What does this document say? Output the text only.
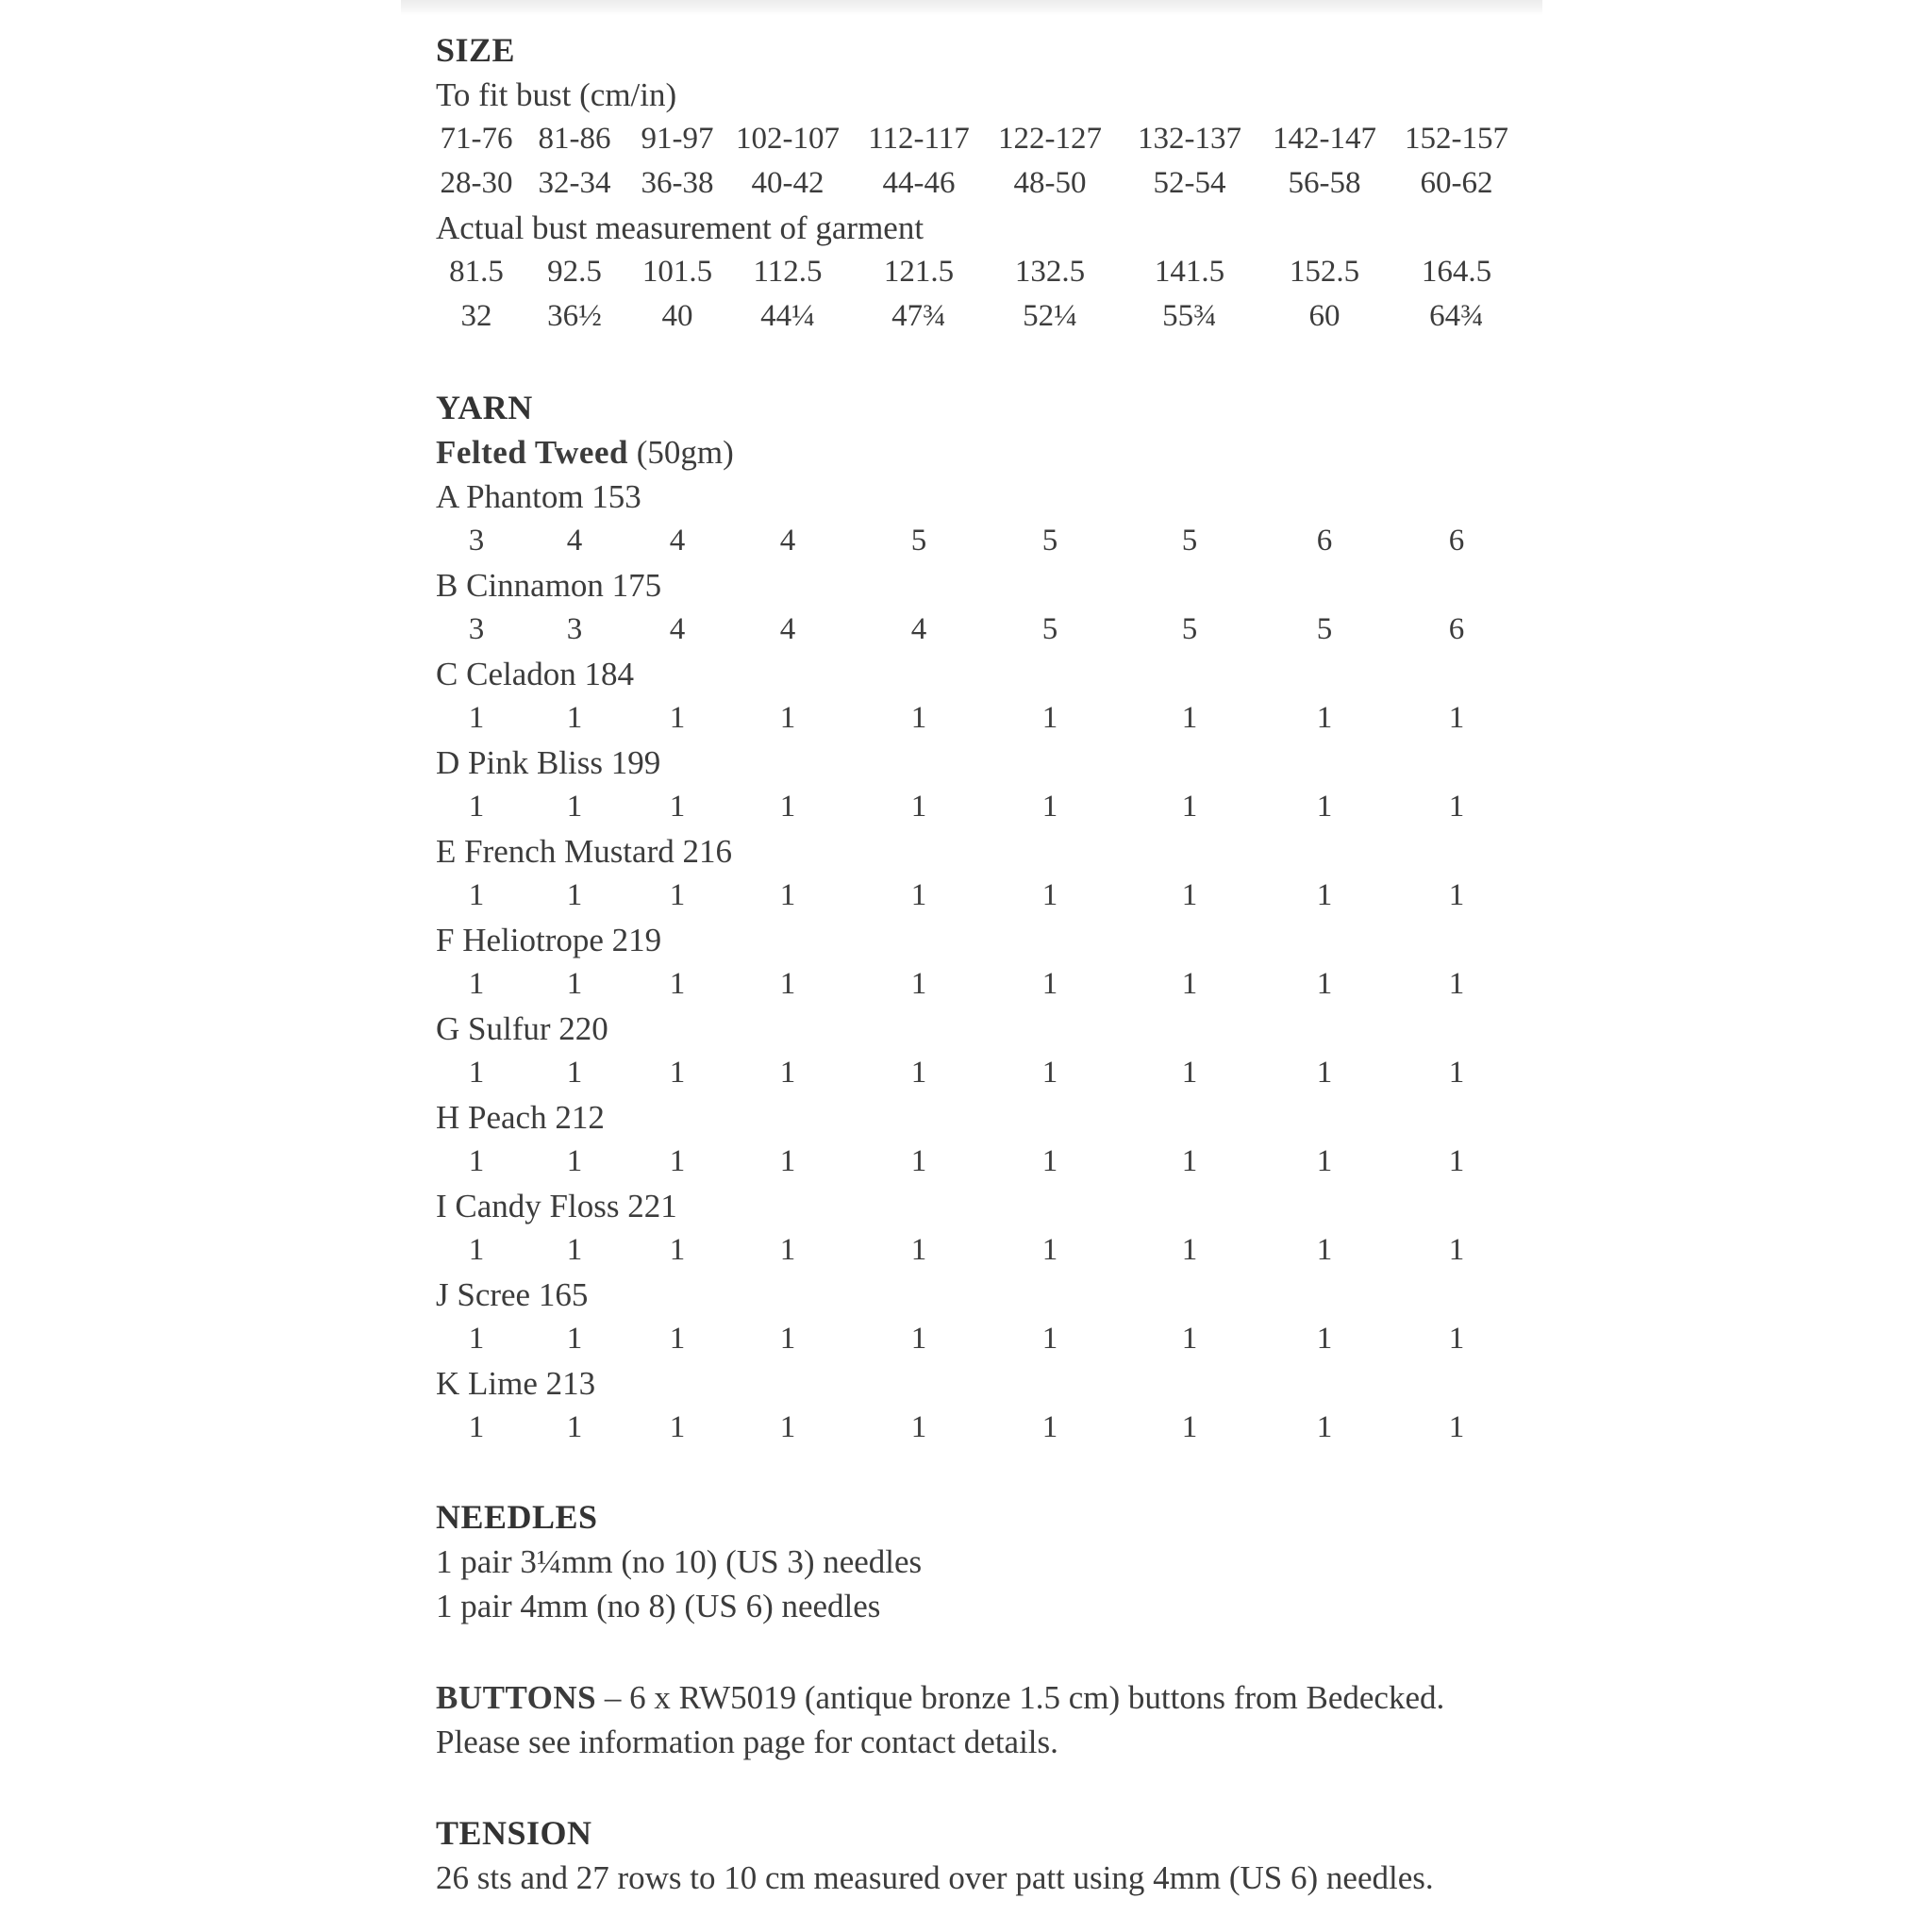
SIZE
To fit bust (cm/in)
71-76 81-86 91-97 102-107 112-117 122-127	132-137	142-147 152-157
28-30 32-34 36-38	40-42	44-46	48-50	52-54	56-58	60-62
Actual bust measurement of garment
81.5	92.5	101.5	112.5	121.5	132.5	141.5	152.5	164.5
32	36½	40	44¼	47¾	52¼	55¾	60	64¾
YARN
Felted Tweed (50gm)
A Phantom 153
3	4	4	4	5	5	5	6	6
B Cinnamon 175
3	3	4	4	4	5	5	5	6
C Celadon 184
1	1	1	1	1	1	1	1	1
D Pink Bliss 199
1	1	1	1	1	1	1	1	1
E French Mustard 216
1	1	1	1	1	1	1	1	1
F Heliotrope 219
1	1	1	1	1	1	1	1	1
G Sulfur 220
1	1	1	1	1	1	1	1	1
H Peach 212
1	1	1	1	1	1	1	1	1
I Candy Floss 221
1	1	1	1	1	1	1	1	1
J Scree 165
1	1	1	1	1	1	1	1	1
K Lime 213
1	1	1	1	1	1	1	1	1
NEEDLES
1 pair 3¼mm (no 10) (US 3) needles
1 pair 4mm (no 8) (US 6) needles
BUTTONS – 6 x RW5019 (antique bronze 1.5 cm) buttons from Bedecked.
Please see information page for contact details.
TENSION
26 sts and 27 rows to 10 cm measured over patt using 4mm (US 6) needles.
